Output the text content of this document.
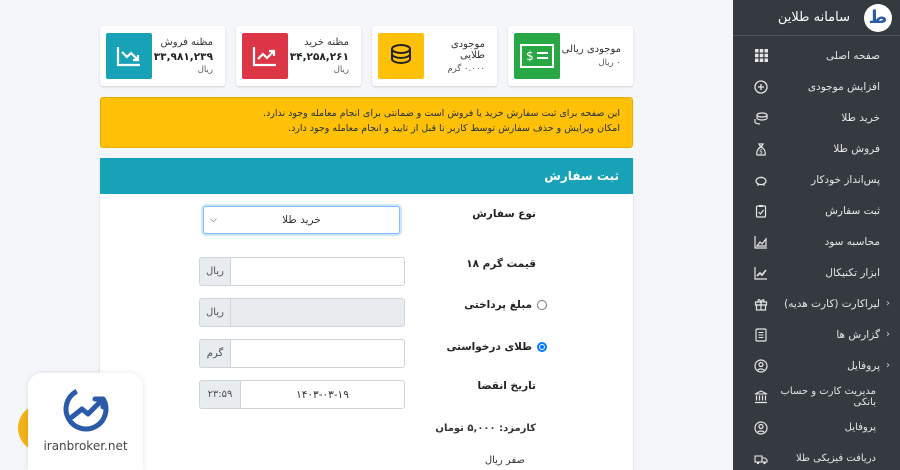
ط
سامانه طلاین
صفحه اصلی
افزایش موجودی
خرید طلا
$	فروش طلا
پس‌انداز خودکار
ثبت سفارش
محاسبه سود
ابزار تکنیکال
لیراکارت (کارت هدیه) ‹
گزارش ها ‹
پروفایل ‹
مدیریت کارت و حساب بانکی
پروفایل
دریافت فیزیکی طلا
مظنه فروش
۳۳,۹۸۱,۲۳۹
ریال
مظنه خرید
۳۴,۲۵۸,۲۶۱
ریال
موجودی طلایی
۰.۰۰۰ گرم
$	موجودی ریالی
۰ ریال

این صفحه برای ثبت سفارش خرید یا فروش است و ضمانتی برای انجام معامله وجود ندارد.

امکان ویرایش و حذف سفارش توسط کاربر تا قبل از تایید و انجام معامله وجود دارد.

ثبت سفارش
نوع سفارش
خرید طلا
⌵
قیمت گرم ۱۸
ریال
مبلغ پرداختی
ریال
طلای درخواستی
گرم
تاریخ انقضا
۲۳:۵۹	۱۴۰۳-۰۳-۱۹
کارمزد: ۵,۰۰۰ تومان
صفر ریال
iranbroker.net
